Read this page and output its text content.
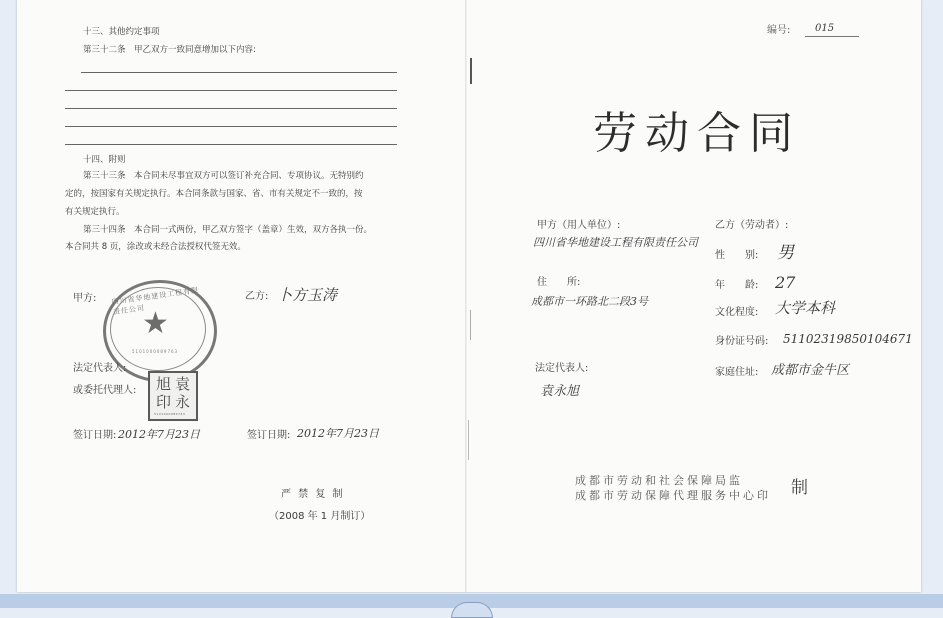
十三、其他约定事项
第三十二条　甲乙双方一致同意增加以下内容:
十四、附则
第三十三条　本合同未尽事宜双方可以签订补充合同、专项协议。无特别约
定的，按国家有关规定执行。本合同条款与国家、省、市有关规定不一致的，按
有关规定执行。
第三十四条　本合同一式两份，甲乙双方签字（盖章）生效，双方各执一份。
本合同共 8 页，涂改或未经合法授权代签无效。
甲方:	乙方: 卜方玉涛
四川省华地建设工程有限责任公司
★
5101000089763
法定代表人:
或委托代理人: 旭 袁
印 永
5101000089763
签订日期: 2012年7月23日	签订日期: 2012年7月23日
严 禁 复 制
（2008 年 1 月制订）
编号: 015
劳动合同
甲方（用人单位）:
四川省华地建设工程有限责任公司
住　　所:
成都市一环路北二段3号
法定代表人:
袁永旭
乙方（劳动者）:
性　　别: 男
年　　龄: 27
文化程度: 大学本科
身份证号码: 51102319850104671
家庭住址: 成都市金牛区
成都市劳动和社会保障局监
成都市劳动保障代理服务中心印 制
